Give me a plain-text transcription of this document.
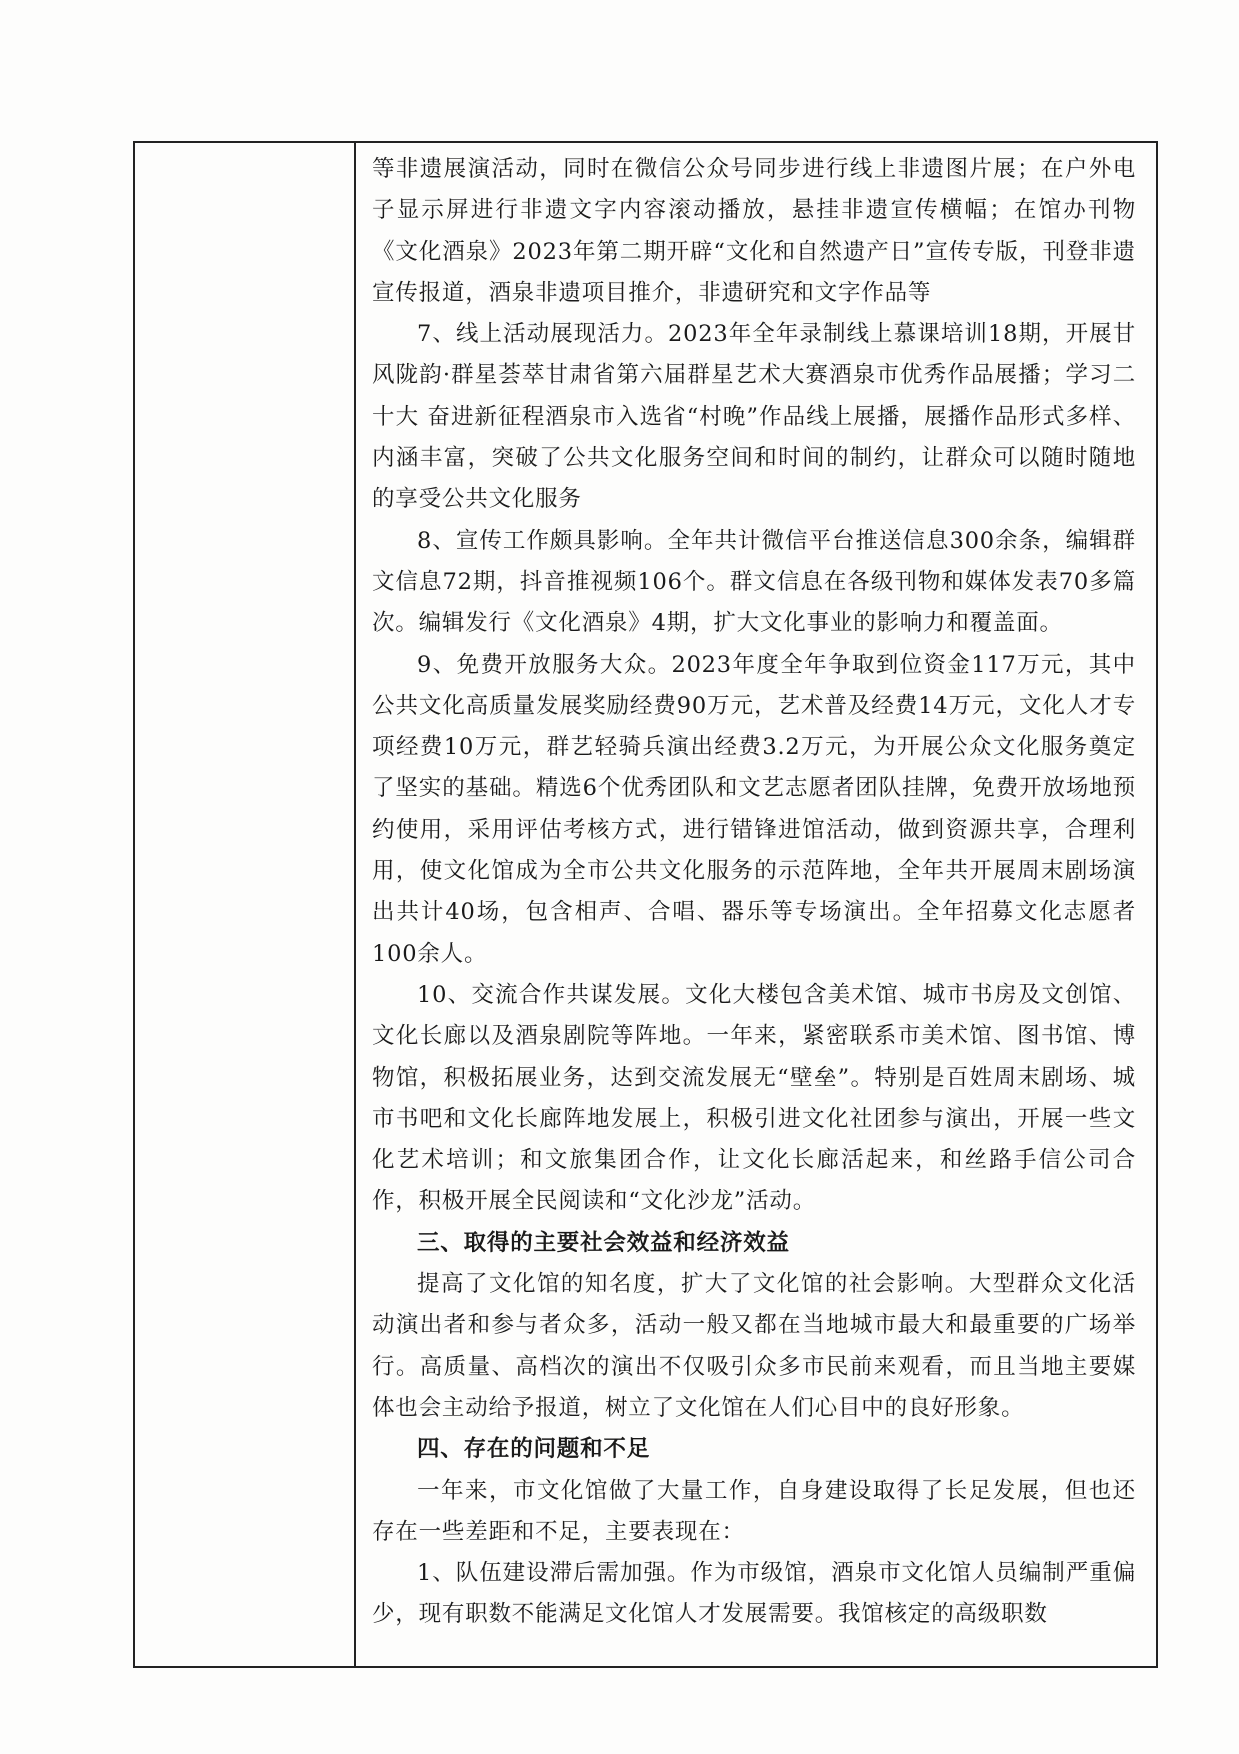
等非遗展演活动，同时在微信公众号同步进行线上非遗图片展；在户外电子显示屏进行非遗文字内容滚动播放，悬挂非遗宣传横幅；在馆办刊物《文化酒泉》2023年第二期开辟“文化和自然遗产日”宣传专版，刊登非遗宣传报道，酒泉非遗项目推介，非遗研究和文字作品等

7、线上活动展现活力。2023年全年录制线上慕课培训18期，开展甘风陇韵·群星荟萃甘肃省第六届群星艺术大赛酒泉市优秀作品展播；学习二十大 奋进新征程酒泉市入选省“村晚”作品线上展播，展播作品形式多样、内涵丰富，突破了公共文化服务空间和时间的制约，让群众可以随时随地的享受公共文化服务

8、宣传工作颇具影响。全年共计微信平台推送信息300余条，编辑群文信息72期，抖音推视频106个。群文信息在各级刊物和媒体发表70多篇次。编辑发行《文化酒泉》4期，扩大文化事业的影响力和覆盖面。

9、免费开放服务大众。2023年度全年争取到位资金117万元，其中公共文化高质量发展奖励经费90万元，艺术普及经费14万元，文化人才专项经费10万元，群艺轻骑兵演出经费3.2万元，为开展公众文化服务奠定了坚实的基础。精选6个优秀团队和文艺志愿者团队挂牌，免费开放场地预约使用，采用评估考核方式，进行错锋进馆活动，做到资源共享，合理利用，使文化馆成为全市公共文化服务的示范阵地，全年共开展周末剧场演出共计40场，包含相声、合唱、器乐等专场演出。全年招募文化志愿者100余人。

10、交流合作共谋发展。文化大楼包含美术馆、城市书房及文创馆、文化长廊以及酒泉剧院等阵地。一年来，紧密联系市美术馆、图书馆、博物馆，积极拓展业务，达到交流发展无“壁垒”。特别是百姓周末剧场、城市书吧和文化长廊阵地发展上，积极引进文化社团参与演出，开展一些文化艺术培训；和文旅集团合作，让文化长廊活起来，和丝路手信公司合作，积极开展全民阅读和“文化沙龙”活动。

三、取得的主要社会效益和经济效益

提高了文化馆的知名度，扩大了文化馆的社会影响。大型群众文化活动演出者和参与者众多，活动一般又都在当地城市最大和最重要的广场举行。高质量、高档次的演出不仅吸引众多市民前来观看，而且当地主要媒体也会主动给予报道，树立了文化馆在人们心目中的良好形象。

四、存在的问题和不足

一年来，市文化馆做了大量工作，自身建设取得了长足发展，但也还存在一些差距和不足，主要表现在：

1、队伍建设滞后需加强。作为市级馆，酒泉市文化馆人员编制严重偏少，现有职数不能满足文化馆人才发展需要。我馆核定的高级职数
